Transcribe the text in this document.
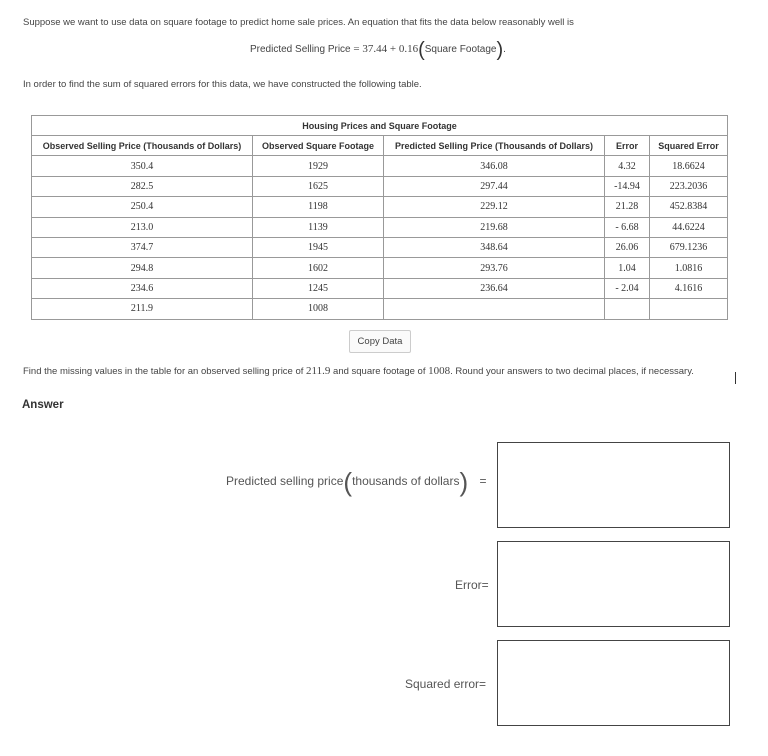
Suppose we want to use data on square footage to predict home sale prices. An equation that fits the data below reasonably well is
Predicted Selling Price = 37.44 + 0.16(Square Footage).
In order to find the sum of squared errors for this data, we have constructed the following table.
Housing Prices and Square Footage				
Observed Selling Price (Thousands of Dollars)	Observed Square Footage	Predicted Selling Price (Thousands of Dollars)	Error	Squared Error
350.4	1929	346.08	4.32	18.6624
282.5	1625	297.44	-14.94	223.2036
250.4	1198	229.12	21.28	452.8384
213.0	1139	219.68	- 6.68	44.6224
374.7	1945	348.64	26.06	679.1236
294.8	1602	293.76	1.04	1.0816
234.6	1245	236.64	- 2.04	4.1616
211.9	1008			
Copy Data
Find the missing values in the table for an observed selling price of 211.9 and square footage of 1008. Round your answers to two decimal places, if necessary.
Answer
Predicted selling price(thousands of dollars) =
Error=
Squared error=
